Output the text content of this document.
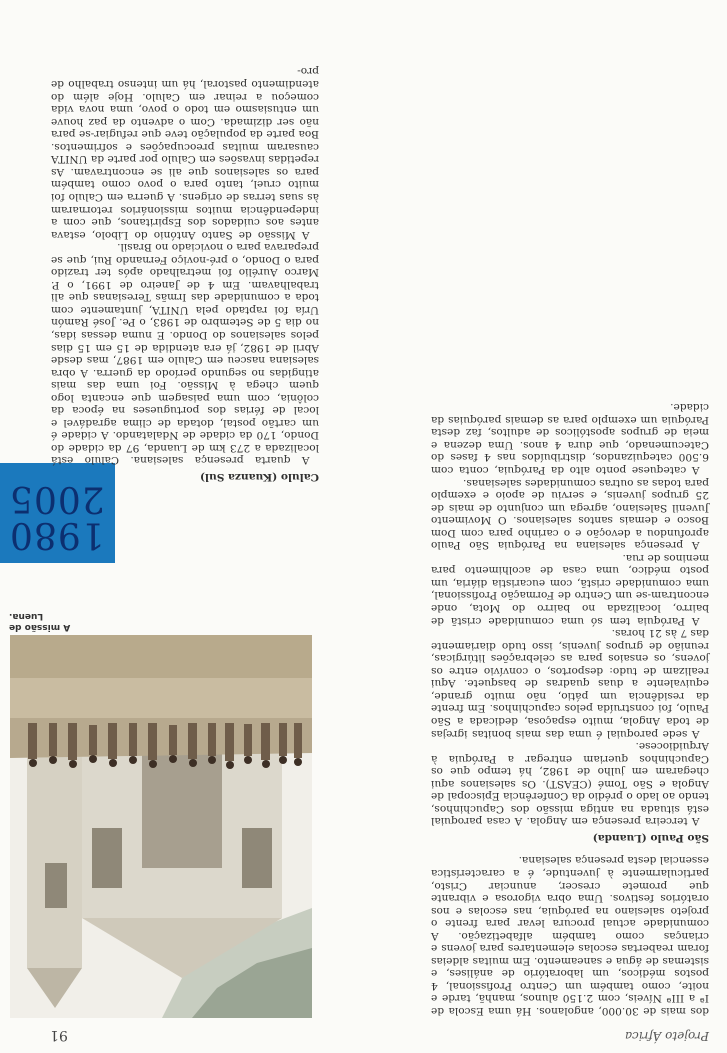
Projeto África
91

dos mais de 30.000, angolanos. Há uma Escola de Iª a IIIª Níveis, com 2.150 alunos, manhã, tarde e noite, como também um Centro Profissional, 4 postos médicos, um laboratório de análises, e sistemas de água e saneamento. Em muitas aldeias foram reabertas escolas elementares para jovens e crianças como também alfabetização. A comunidade actual procura levar para frente o projeto salesiano na paróquia, nas escolas e nos oratórios festivos. Uma obra vigorosa e vibrante que promete crescer, anunciar Cristo, particularmente à juventude, é a característica essencial desta presença salesiana.

São Paulo (Luanda)

A terceira presença em Angola. A casa paroquial está situada na antiga missão dos Capuchinhos, tendo ao lado o prédio da Conferência Episcopal de Angola e São Tomé (CEAST). Os salesianos aqui chegaram em julho de 1982, há tempo que os Capuchinhos queriam entregar a Paróquia à Arquidiocese.

A sede paroquial é uma das mais bonitas igrejas de toda Angola, muito espaçosa, dedicada a São Paulo, foi construída pelos capuchinhos. Em frente da residência um pátio, não muito grande, equivalente a duas quadras de basquete. Aqui realizam de tudo: desportos, o convívio entre os jovens, os ensaios para as celebrações litúrgicas, reunião de grupos juvenis, isso tudo diariamente das 7 às 21 horas.

A Paróquia tem só uma comunidade cristã de bairro, localizada no bairro do Mota, onde encontram-se um Centro de Formação Profissional, uma comunidade cristã, com eucaristia diária, um posto médico, uma casa de acolhimento para meninos de rua.

A presença salesiana na Paróquia São Paulo aprofundou a devoção e o carinho para com Dom Bosco e demais santos salesianos. O Movimento Juvenil Salesiano, agrega um conjunto de mais de 25 grupos juvenis, e serviu de apoio e exemplo para todas as outras comunidades salesianas.

A catequese ponto alto da Paróquia, conta com 6.500 catequizandos, distribuídos nas 4 fases do Catecumenado, que dura 4 anos. Uma dezena e meia de grupos apostólicos de adultos, faz desta Paróquia um exemplo para as demais paróquias da cidade.

A missão de Luena.
1980
2005
Calulo (Kuanza Sul)

A quarta presença salesiana. Calulo está localizada a 273 km de Luanda, 97 da cidade do Dondo, 170 da cidade de Ndalatando. A cidade é um cartão postal, dotada de clima agradável e local de férias dos portugueses na época da colônia, com uma paisagem que encanta logo quem chega à Missão. Foi uma das mais atingidas no segundo período da guerra. A obra salesiana nasceu em Calulo em 1987, mas desde Abril de 1982, já era atendida de 15 em 15 dias pelos salesianos do Dondo. E numa dessas idas, no dia 5 de Setembro de 1983, o Pe. José Ramón Uría foi raptado pela UNITA, juntamente com toda a comunidade das Irmãs Teresianas que ali trabalhavam. Em 4 de Janeiro de 1991, o P. Marco Aurélio foi metralhado após ter trazido para o Dondo, o pré-noviço Fernando Rui, que se preparava para o noviciado no Brasil.

A Missão de Santo António do Libolo, estava antes aos cuidados dos Espiritanos, que com a independência muitos missionários retornaram às suas terras de origens. A guerra em Calulo foi muito cruel, tanto para o povo como também para os salesianos que ali se encontravam. As repetidas invasões em Calulo por parte da UNITA causaram muitas preocupações e sofrimentos. Boa parte da população teve que refugiar-se para não ser dizimada. Com o advento da paz houve um entusiasmo em todo o povo, uma nova vida começou a reinar em Calulo. Hoje além do atendimento pastoral, há um intenso trabalho de pro-
